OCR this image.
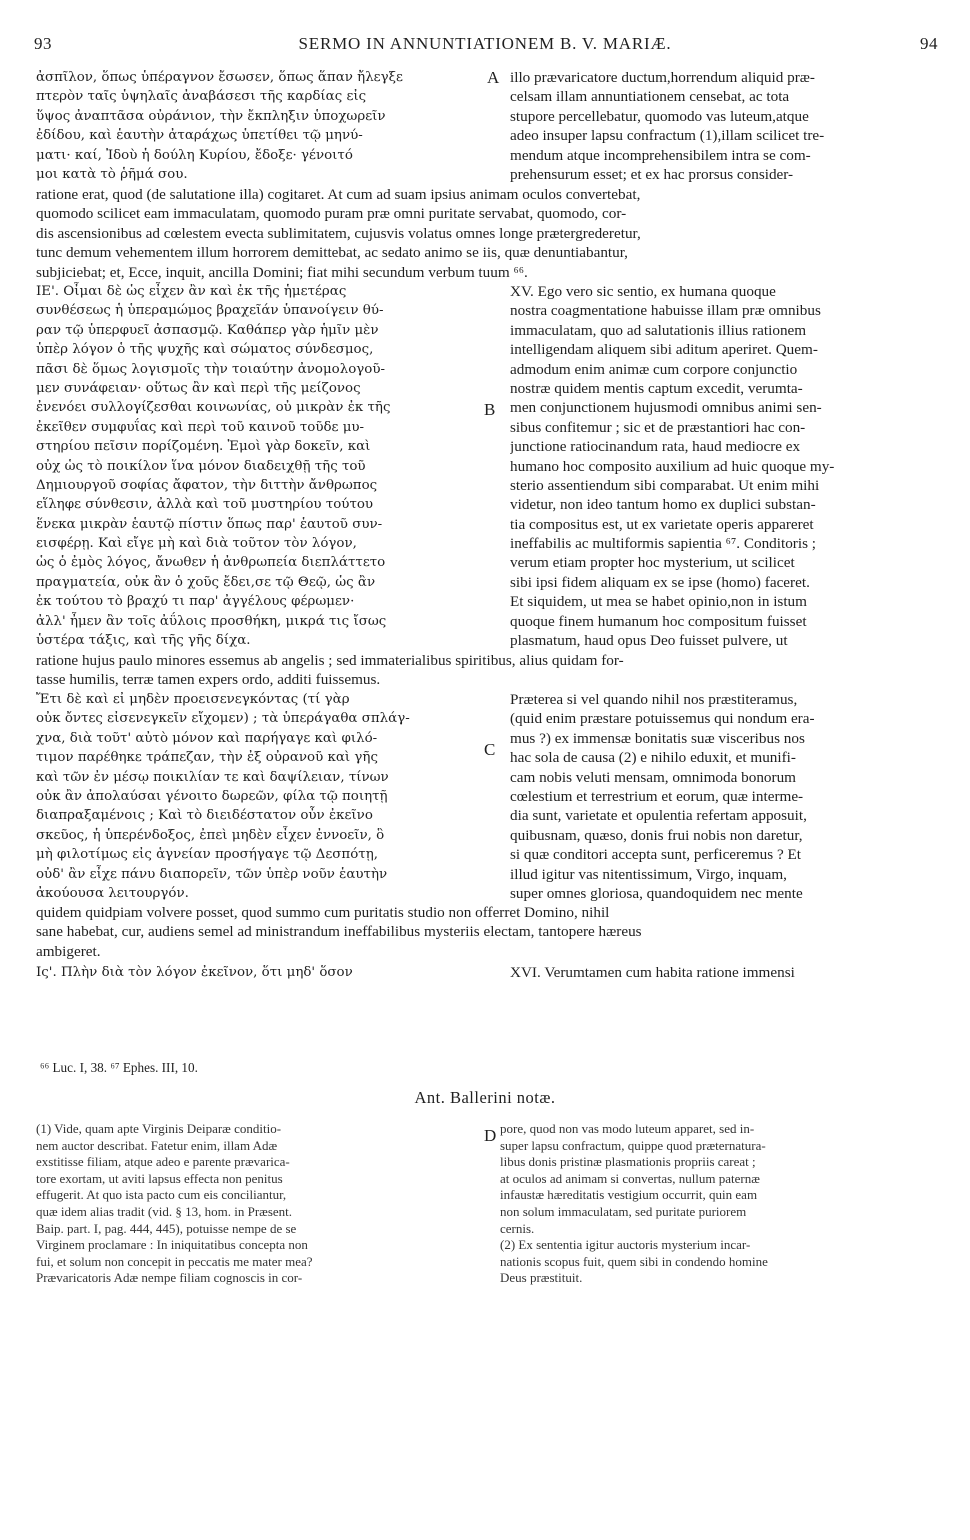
93	SERMO IN ANNUNTIATIONEM B. V. MARIÆ.	94
A
B
C
D
ἀσπῖλον, ὅπως ὑπέραγνον ἔσωσεν, ὅπως ἅπαν ἤλεγξε
πτερὸν ταῖς ὑψηλαῖς ἀναβάσεσι τῆς καρδίας εἰς
ὕψος ἀναπτᾶσα οὐράνιον, τὴν ἔκπληξιν ὑποχωρεῖν
ἐδίδου, καὶ ἑαυτὴν ἀταράχως ὑπετίθει τῷ μηνύ-
ματι· καί, Ἰδοὺ ἡ δούλη Κυρίου, ἔδοξε· γένοιτό
μοι κατὰ τὸ ῥῆμά σου.
illo prævaricatore ductum,horrendum aliquid præ-
celsam illam annuntiationem censebat, ac tota
stupore percellebatur, quomodo vas luteum,atque
adeo insuper lapsu confractum (1),illam scilicet tre-
mendum atque incomprehensibilem intra se com-
prehensurum esset; et ex hac prorsus consider-
ratione erat, quod (de salutatione illa) cogitaret. At cum ad suam ipsius animam oculos convertebat,
quomodo scilicet eam immaculatam, quomodo puram præ omni puritate servabat, quomodo, cor-
dis ascensionibus ad cœlestem evecta sublimitatem, cujusvis volatus omnes longe prætergrederetur,
tunc demum vehementem illum horrorem demittebat, ac sedato animo se iis, quæ denuntiabantur,
subjiciebat; et, Ecce, inquit, ancilla Domini; fiat mihi secundum verbum tuum ⁶⁶.
ΙΕ'. Οἶμαι δὲ ὡς εἶχεν ἂν καὶ ἐκ τῆς ἡμετέρας
συνθέσεως ἡ ὑπεραμώμος βραχεῖάν ὑπανοίγειν θύ-
ραν τῷ ὑπερφυεῖ ἀσπασμῷ. Καθάπερ γὰρ ἡμῖν μὲν
ὑπὲρ λόγον ὁ τῆς ψυχῆς καὶ σώματος σύνδεσμος,
πᾶσι δὲ ὅμως λογισμοῖς τὴν τοιαύτην ἀνομολογοῦ-
μεν συνάφειαν· οὕτως ἂν καὶ περὶ τῆς μείζονος
ἐνενόει συλλογίζεσθαι κοινωνίας, οὐ μικρὰν ἐκ τῆς
ἐκεῖθεν συμφυΐας καὶ περὶ τοῦ καινοῦ τοῦδε μυ-
στηρίου πεῖσιν πορίζομένη. Ἐμοὶ γὰρ δοκεῖν, καὶ
οὐχ ὡς τὸ ποικίλον ἵνα μόνον διαδειχθῇ τῆς τοῦ
Δημιουργοῦ σοφίας ἄφατον, τὴν διττὴν ἄνθρωπος
εἵληφε σύνθεσιν, ἀλλὰ καὶ τοῦ μυστηρίου τούτου
ἕνεκα μικρὰν ἑαυτῷ πίστιν ὅπως παρ' ἑαυτοῦ συν-
εισφέρῃ. Καὶ εἴγε μὴ καὶ διὰ τοῦτον τὸν λόγον,
ὡς ὁ ἐμὸς λόγος, ἄνωθεν ἡ ἀνθρωπεία διεπλάττετο
πραγματεία, οὐκ ἂν ὁ χοῦς ἔδει,σε τῷ Θεῷ, ὡς ἂν
ἐκ τούτου τὸ βραχύ τι παρ' ἀγγέλους φέρωμεν·
ἀλλ' ἦμεν ἂν τοῖς ἀΰλοις προσθήκη, μικρά τις ἴσως
ὑστέρα τάξις, καὶ τῆς γῆς δίχα.
XV. Ego vero sic sentio, ex humana quoque
nostra coagmentatione habuisse illam præ omnibus
immaculatam, quo ad salutationis illius rationem
intelligendam aliquem sibi aditum aperiret. Quem-
admodum enim animæ cum corpore conjunctio
nostræ quidem mentis captum excedit, verumta-
men conjunctionem hujusmodi omnibus animi sen-
sibus confitemur ; sic et de præstantiori hac con-
junctione ratiocinandum rata, haud mediocre ex
humano hoc composito auxilium ad huic quoque my-
sterio assentiendum sibi comparabat. Ut enim mihi
videtur, non ideo tantum homo ex duplici substan-
tia compositus est, ut ex varietate operis appareret
ineffabilis ac multiformis sapientia ⁶⁷. Conditoris ;
verum etiam propter hoc mysterium, ut scilicet
sibi ipsi fidem aliquam ex se ipse (homo) faceret.
Et siquidem, ut mea se habet opinio,non in istum
quoque finem humanum hoc compositum fuisset
plasmatum, haud opus Deo fuisset pulvere, ut
ratione hujus paulo minores essemus ab angelis ; sed immaterialibus spiritibus, alius quidam for-
tasse humilis, terræ tamen expers ordo, additi fuissemus.
Ἔτι δὲ καὶ εἰ μηδὲν προεισενεγκόντας (τί γὰρ
οὐκ ὄντες εἰσενεγκεῖν εἴχομεν) ; τὰ ὑπεράγαθα σπλάγ-
χνα, διὰ τοῦτ' αὐτὸ μόνον καὶ παρήγαγε καὶ φιλό-
τιμον παρέθηκε τράπεζαν, τὴν ἐξ οὐρανοῦ καὶ γῆς
καὶ τῶν ἐν μέσῳ ποικιλίαν τε καὶ δαψίλειαν, τίνων
οὐκ ἂν ἀπολαύσαι γένοιτο δωρεῶν, φίλα τῷ ποιητῇ
διαπραξαμένοις ; Καὶ τὸ διειδέστατον οὖν ἐκεῖνο
σκεῦος, ἡ ὑπερένδοξος, ἐπεὶ μηδὲν εἶχεν ἐννοεῖν, ὃ
μὴ φιλοτίμως εἰς ἁγνείαν προσήγαγε τῷ Δεσπότῃ,
οὐδ' ἂν εἶχε πάνυ διαπορεῖν, τῶν ὑπὲρ νοῦν ἑαυτὴν
ἀκούουσα λειτουργόν.
Præterea si vel quando nihil nos præstiteramus,
(quid enim præstare potuissemus qui nondum era-
mus ?) ex immensæ bonitatis suæ visceribus nos
hac sola de causa (2) e nihilo eduxit, et munifi-
cam nobis veluti mensam, omnimoda bonorum
cœlestium et terrestrium et eorum, quæ interme-
dia sunt, varietate et opulentia refertam apposuit,
quibusnam, quæso, donis frui nobis non daretur,
si quæ conditori accepta sunt, perficeremus ? Et
illud igitur vas nitentissimum, Virgo, inquam,
super omnes gloriosa, quandoquidem nec mente
quidem quidpiam volvere posset, quod summo cum puritatis studio non offerret Domino, nihil
sane habebat, cur, audiens semel ad ministrandum ineffabilibus mysteriis electam, tantopere hæreus
ambigeret.
Ις'. Πλὴν διὰ τὸν λόγον ἐκεῖνον, ὅτι μηδ' ὅσον	XVI. Verumtamen cum habita ratione immensi
⁶⁶ Luc. I, 38. ⁶⁷ Ephes. III, 10.
Ant. Ballerini notæ.
(1) Vide, quam apte Virginis Deiparæ conditio-
nem auctor describat. Fatetur enim, illam Adæ
exstitisse filiam, atque adeo e parente prævarica-
tore exortam, ut aviti lapsus effecta non penitus
effugerit. At quo ista pacto cum eis conciliantur,
quæ idem alias tradit (vid. § 13, hom. in Præsent.
Baip. part. I, pag. 444, 445), potuisse nempe de se
Virginem proclamare : In iniquitatibus concepta non
fui, et solum non concepit in peccatis me mater mea?
Prævaricatoris Adæ nempe filiam cognoscis in cor-
pore, quod non vas modo luteum apparet, sed in-
super lapsu confractum, quippe quod præternatura-
libus donis pristinæ plasmationis propriis careat ;
at oculos ad animam si convertas, nullum paternæ
infaustæ hæreditatis vestigium occurrit, quin eam
non solum immaculatam, sed puritate puriorem
cernis.
(2) Ex sententia igitur auctoris mysterium incar-
nationis scopus fuit, quem sibi in condendo homine
Deus præstituit.
